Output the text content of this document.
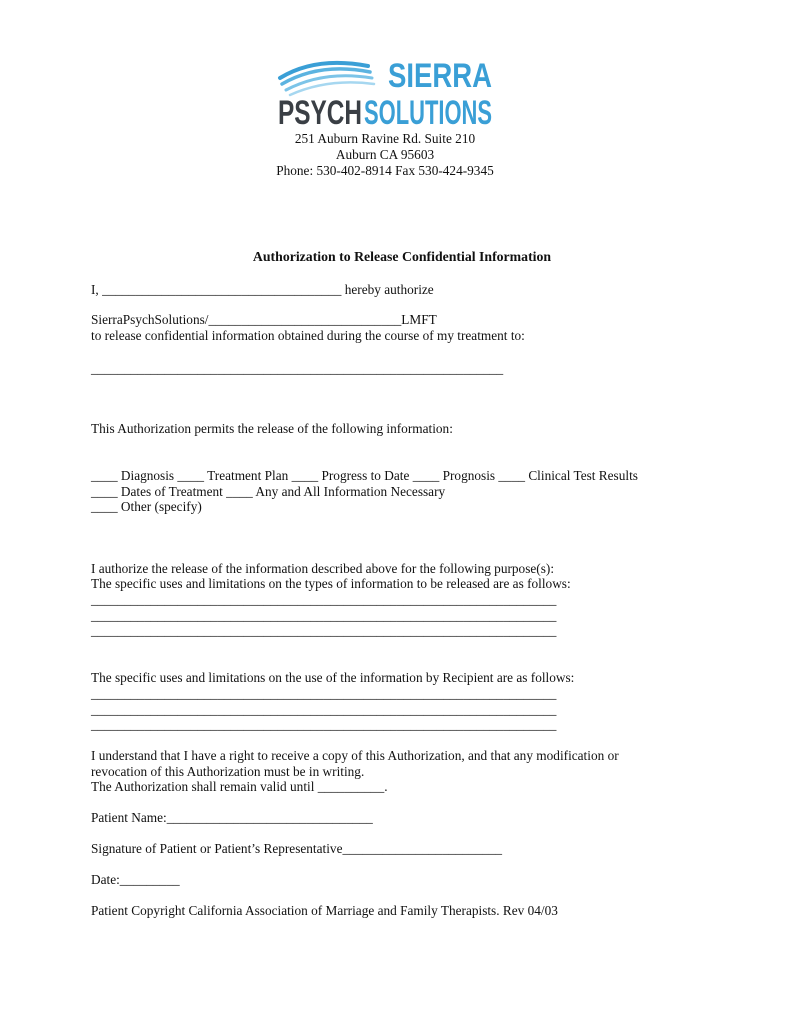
SIERRA
PSYCH SOLUTIONS
251 Auburn Ravine Rd. Suite 210
Auburn CA 95603
Phone: 530-402-8914 Fax 530-424-9345
Authorization to Release Confidential Information
I, ____________________________________ hereby authorize
SierraPsychSolutions/_____________________________LMFT
to release confidential information obtained during the course of my treatment to:
______________________________________________________________
This Authorization permits the release of the following information:
____ Diagnosis ____ Treatment Plan ____ Progress to Date ____ Prognosis ____ Clinical Test Results
____ Dates of Treatment ____ Any and All Information Necessary
____ Other (specify)
I authorize the release of the information described above for the following purpose(s):
The specific uses and limitations on the types of information to be released are as follows:
______________________________________________________________________
______________________________________________________________________
______________________________________________________________________
The specific uses and limitations on the use of the information by Recipient are as follows:
______________________________________________________________________
______________________________________________________________________
______________________________________________________________________
I understand that I have a right to receive a copy of this Authorization, and that any modification or
revocation of this Authorization must be in writing.
The Authorization shall remain valid until __________.
Patient Name:_______________________________
Signature of Patient or Patient’s Representative________________________
Date:_________
Patient Copyright California Association of Marriage and Family Therapists. Rev 04/03
